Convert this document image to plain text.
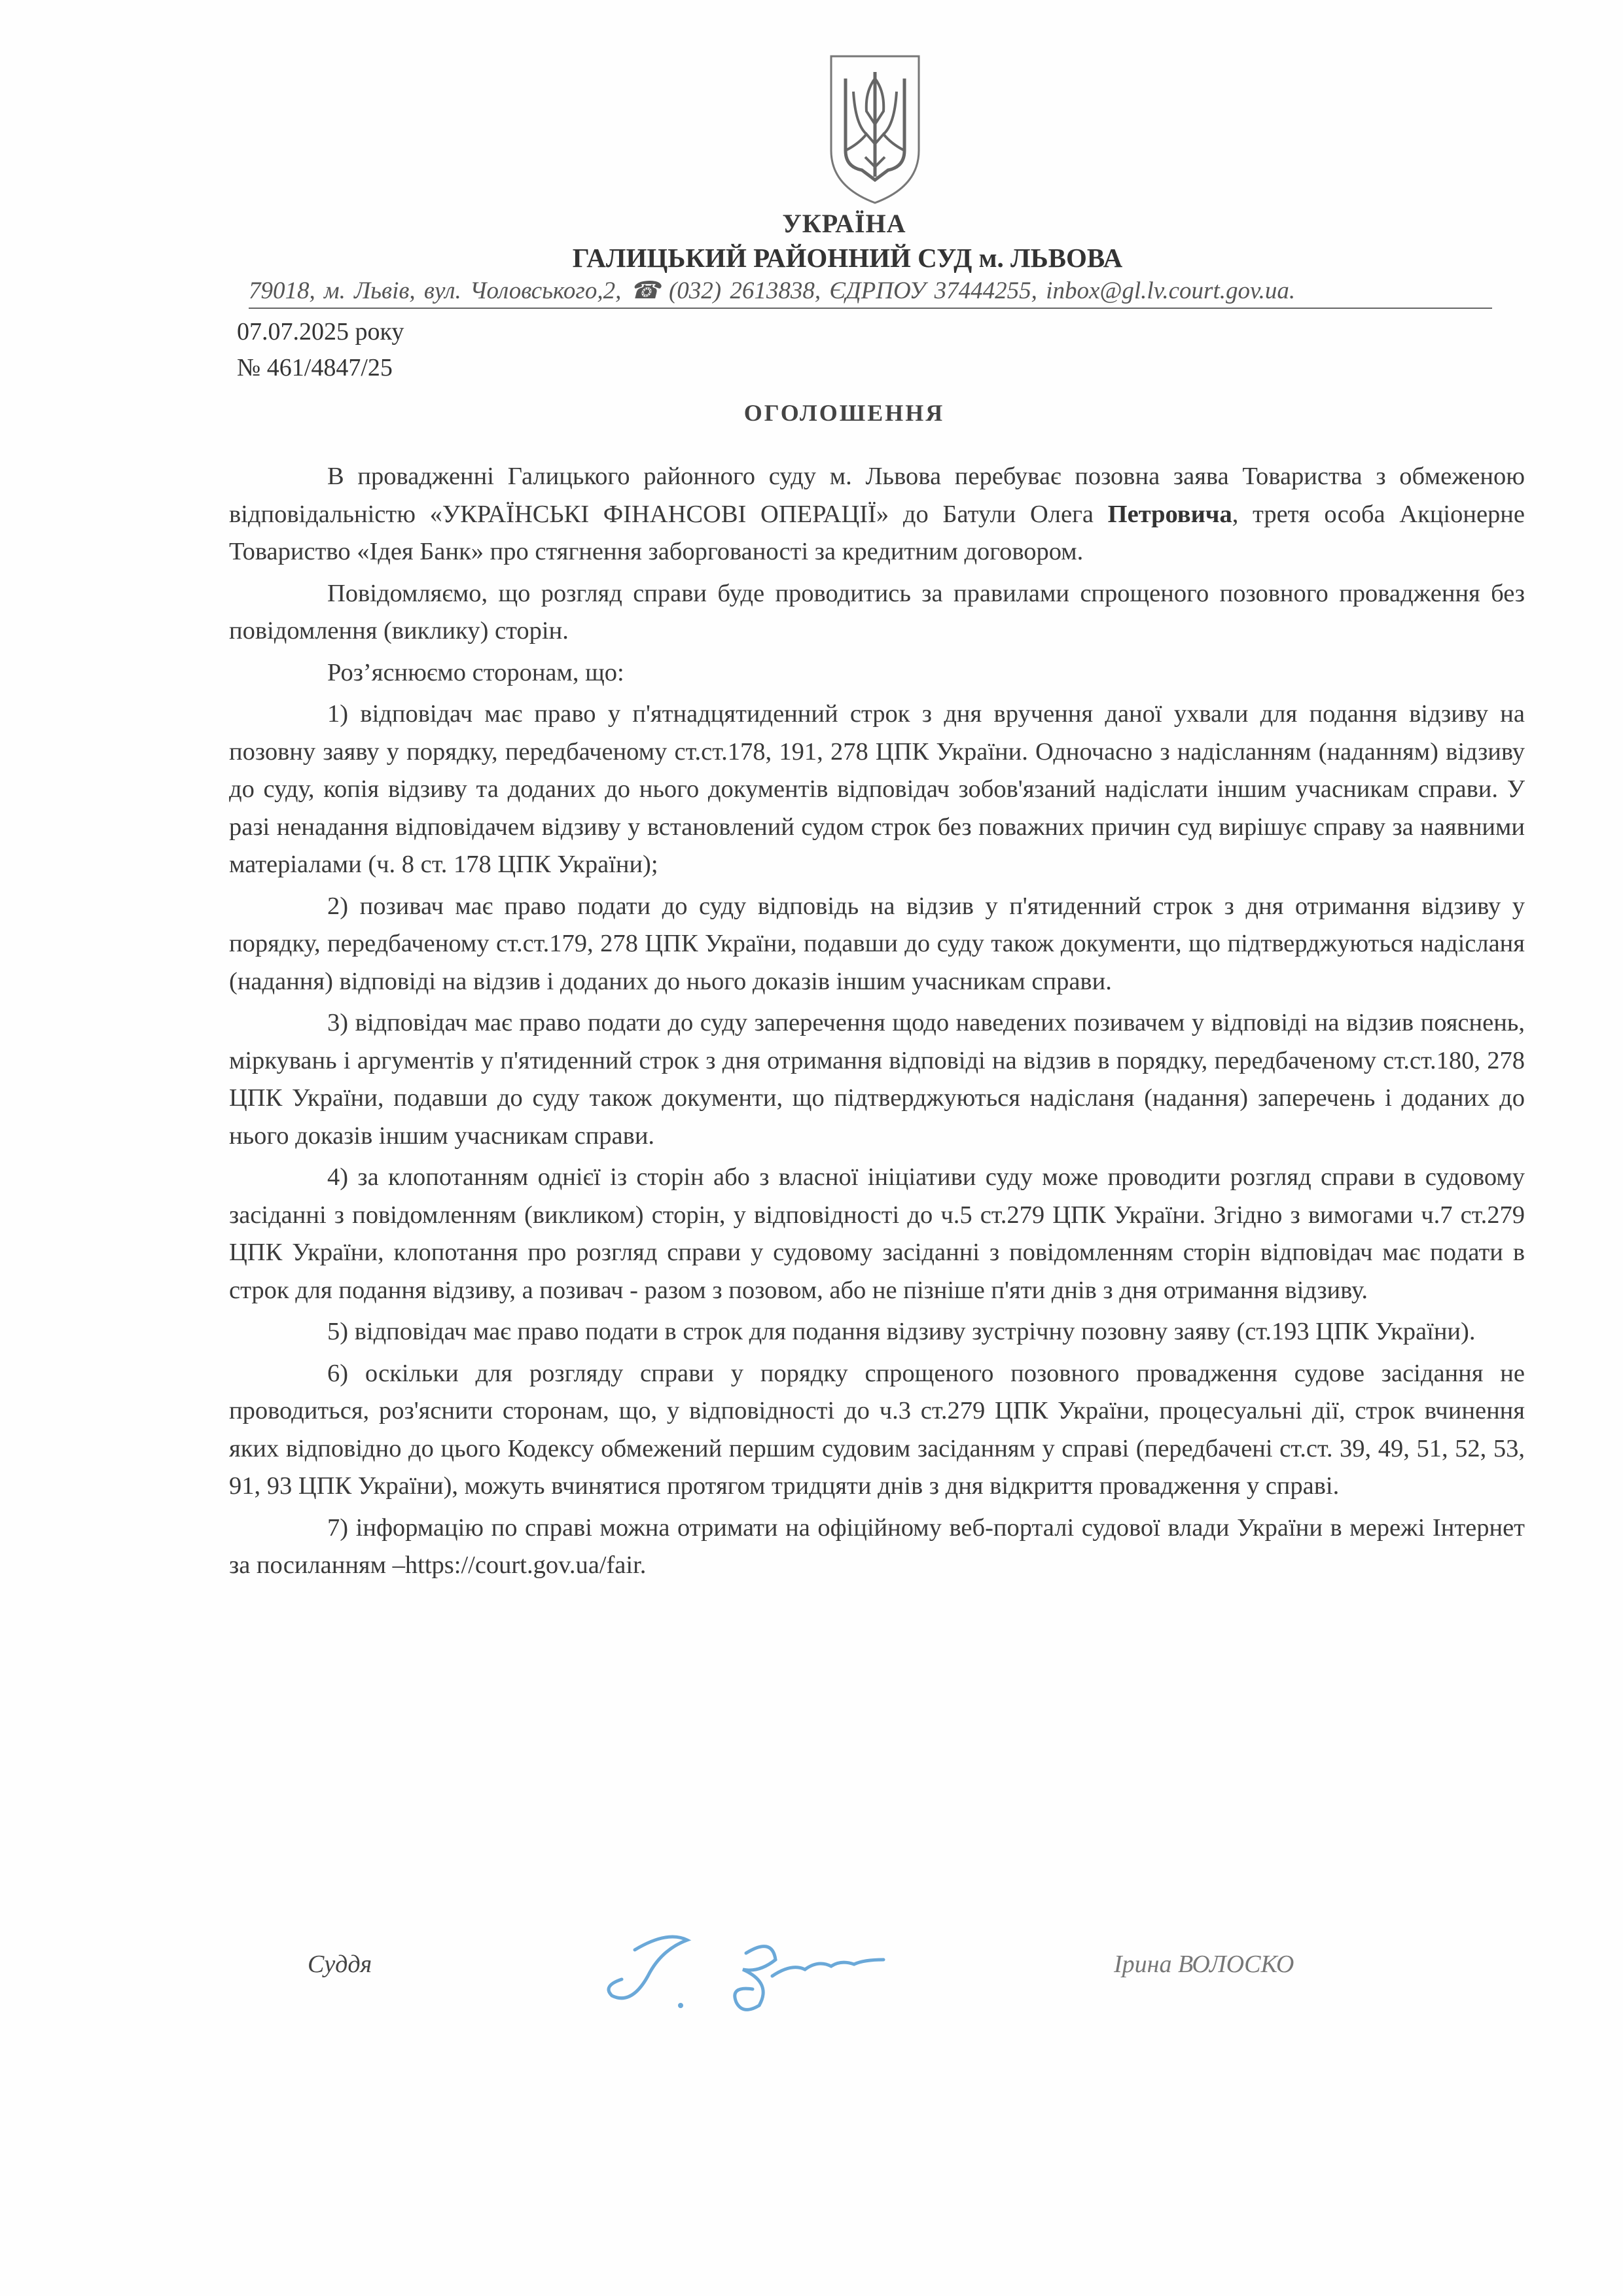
УКРАЇНА
ГАЛИЦЬКИЙ РАЙОННИЙ СУД м. ЛЬВОВА
79018, м. Львів, вул. Чоловського,2, ☎ (032) 2613838, ЄДРПОУ 37444255, inbox@gl.lv.court.gov.ua.
07.07.2025 року
№ 461/4847/25
ОГОЛОШЕННЯ

В провадженні Галицького районного суду м. Львова перебуває позовна заява Товариства з обмеженою відповідальністю «УКРАЇНСЬКІ ФІНАНСОВІ ОПЕРАЦІЇ» до Батули Олега Петровича, третя особа Акціонерне Товариство «Ідея Банк» про стягнення заборгованості за кредитним договором.

Повідомляємо, що розгляд справи буде проводитись за правилами спрощеного позовного провадження без повідомлення (виклику) сторін.

Роз’яснюємо сторонам, що:

1) відповідач має право у п'ятнадцятиденний строк з дня вручення даної ухвали для подання відзиву на позовну заяву у порядку, передбаченому ст.ст.178, 191, 278 ЦПК України. Одночасно з надісланням (наданням) відзиву до суду, копія відзиву та доданих до нього документів відповідач зобов'язаний надіслати іншим учасникам справи. У разі ненадання відповідачем відзиву у встановлений судом строк без поважних причин суд вирішує справу за наявними матеріалами (ч. 8 ст. 178 ЦПК України);

2) позивач має право подати до суду відповідь на відзив у п'ятиденний строк з дня отримання відзиву у порядку, передбаченому ст.ст.179, 278 ЦПК України, подавши до суду також документи, що підтверджуються надісланя (надання) відповіді на відзив і доданих до нього доказів іншим учасникам справи.

3) відповідач має право подати до суду заперечення щодо наведених позивачем у відповіді на відзив пояснень, міркувань і аргументів у п'ятиденний строк з дня отримання відповіді на відзив в порядку, передбаченому ст.ст.180, 278 ЦПК України, подавши до суду також документи, що підтверджуються надісланя (надання) заперечень і доданих до нього доказів іншим учасникам справи.

4) за клопотанням однієї із сторін або з власної ініціативи суду може проводити розгляд справи в судовому засіданні з повідомленням (викликом) сторін, у відповідності до ч.5 ст.279 ЦПК України. Згідно з вимогами ч.7 ст.279 ЦПК України, клопотання про розгляд справи у судовому засіданні з повідомленням сторін відповідач має подати в строк для подання відзиву, а позивач - разом з позовом, або не пізніше п'яти днів з дня отримання відзиву.

5) відповідач має право подати в строк для подання відзиву зустрічну позовну заяву (ст.193 ЦПК України).

6) оскільки для розгляду справи у порядку спрощеного позовного провадження судове засідання не проводиться, роз'яснити сторонам, що, у відповідності до ч.3 ст.279 ЦПК України, процесуальні дії, строк вчинення яких відповідно до цього Кодексу обмежений першим судовим засіданням у справі (передбачені ст.ст. 39, 49, 51, 52, 53, 91, 93 ЦПК України), можуть вчинятися протягом тридцяти днів з дня відкриття провадження у справі.

7) інформацію по справі можна отримати на офіційному веб-порталі судової влади України в мережі Інтернет за посиланням –https://court.gov.ua/fair.

Суддя	Ірина ВОЛОСКО
